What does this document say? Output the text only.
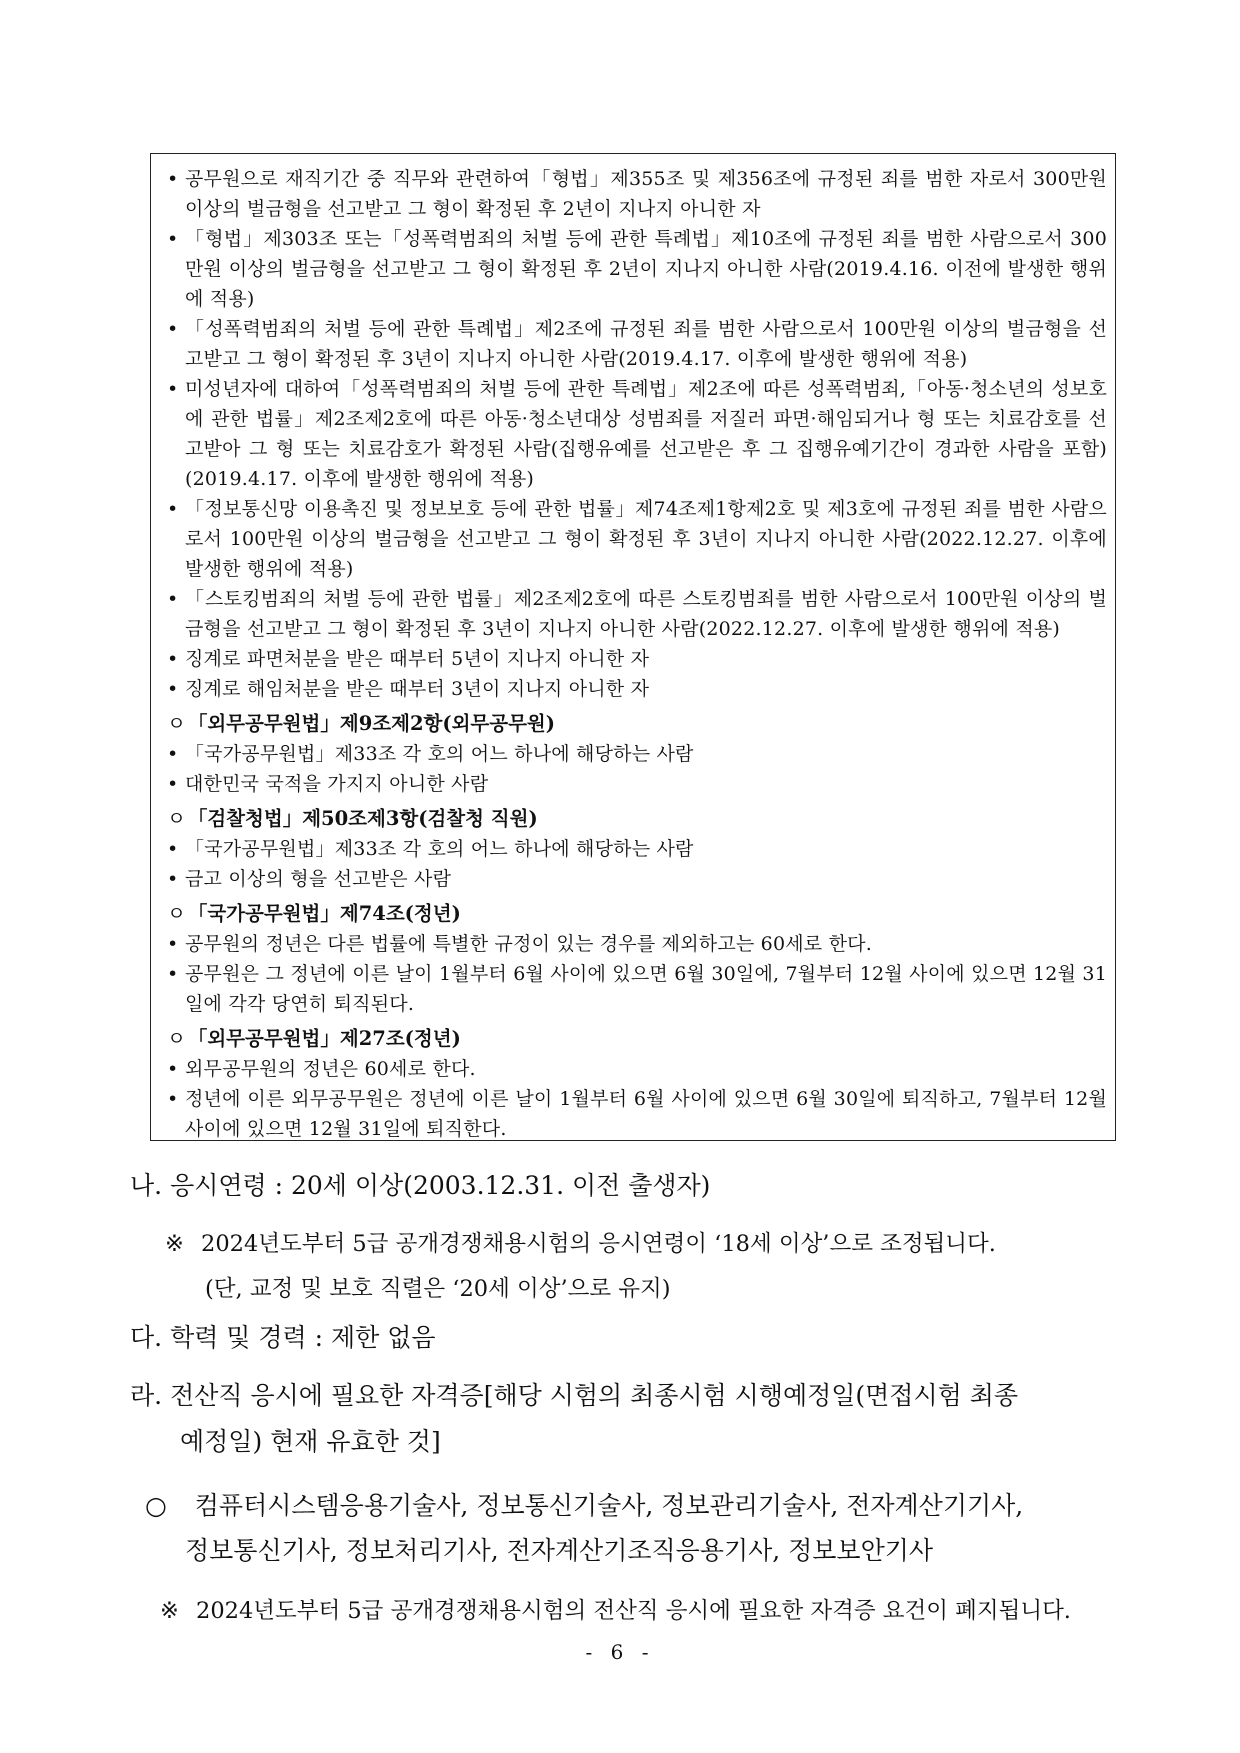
• 공무원으로 재직기간 중 직무와 관련하여「형법」제355조 및 제356조에 규정된 죄를 범한 자로서 300만원 이상의 벌금형을 선고받고 그 형이 확정된 후 2년이 지나지 아니한 자
• 「형법」제303조 또는「성폭력범죄의 처벌 등에 관한 특례법」제10조에 규정된 죄를 범한 사람으로서 300만원 이상의 벌금형을 선고받고 그 형이 확정된 후 2년이 지나지 아니한 사람(2019.4.16. 이전에 발생한 행위에 적용)
• 「성폭력범죄의 처벌 등에 관한 특례법」제2조에 규정된 죄를 범한 사람으로서 100만원 이상의 벌금형을 선고받고 그 형이 확정된 후 3년이 지나지 아니한 사람(2019.4.17. 이후에 발생한 행위에 적용)
• 미성년자에 대하여「성폭력범죄의 처벌 등에 관한 특례법」제2조에 따른 성폭력범죄,「아동·청소년의 성보호에 관한 법률」제2조제2호에 따른 아동·청소년대상 성범죄를 저질러 파면·해임되거나 형 또는 치료감호를 선고받아 그 형 또는 치료감호가 확정된 사람(집행유예를 선고받은 후 그 집행유예기간이 경과한 사람을 포함)(2019.4.17. 이후에 발생한 행위에 적용)
• 「정보통신망 이용촉진 및 정보보호 등에 관한 법률」제74조제1항제2호 및 제3호에 규정된 죄를 범한 사람으로서 100만원 이상의 벌금형을 선고받고 그 형이 확정된 후 3년이 지나지 아니한 사람(2022.12.27. 이후에 발생한 행위에 적용)
• 「스토킹범죄의 처벌 등에 관한 법률」제2조제2호에 따른 스토킹범죄를 범한 사람으로서 100만원 이상의 벌금형을 선고받고 그 형이 확정된 후 3년이 지나지 아니한 사람(2022.12.27. 이후에 발생한 행위에 적용)
• 징계로 파면처분을 받은 때부터 5년이 지나지 아니한 자
• 징계로 해임처분을 받은 때부터 3년이 지나지 아니한 자
ㅇ 「외무공무원법」제9조제2항(외무공무원)
• 「국가공무원법」제33조 각 호의 어느 하나에 해당하는 사람
• 대한민국 국적을 가지지 아니한 사람
ㅇ 「검찰청법」제50조제3항(검찰청 직원)
• 「국가공무원법」제33조 각 호의 어느 하나에 해당하는 사람
• 금고 이상의 형을 선고받은 사람
ㅇ 「국가공무원법」제74조(정년)
• 공무원의 정년은 다른 법률에 특별한 규정이 있는 경우를 제외하고는 60세로 한다.
• 공무원은 그 정년에 이른 날이 1월부터 6월 사이에 있으면 6월 30일에, 7월부터 12월 사이에 있으면 12월 31일에 각각 당연히 퇴직된다.
ㅇ 「외무공무원법」제27조(정년)
• 외무공무원의 정년은 60세로 한다.
• 정년에 이른 외무공무원은 정년에 이른 날이 1월부터 6월 사이에 있으면 6월 30일에 퇴직하고, 7월부터 12월 사이에 있으면 12월 31일에 퇴직한다.
나. 응시연령 : 20세 이상(2003.12.31. 이전 출생자)
※ 2024년도부터 5급 공개경쟁채용시험의 응시연령이 ‘18세 이상’으로 조정됩니다.
(단, 교정 및 보호 직렬은 ‘20세 이상’으로 유지)
다. 학력 및 경력 : 제한 없음
라. 전산직 응시에 필요한 자격증[해당 시험의 최종시험 시행예정일(면접시험 최종
예정일) 현재 유효한 것]
○ 컴퓨터시스템응용기술사, 정보통신기술사, 정보관리기술사, 전자계산기기사,
정보통신기사, 정보처리기사, 전자계산기조직응용기사, 정보보안기사
※ 2024년도부터 5급 공개경쟁채용시험의 전산직 응시에 필요한 자격증 요건이 폐지됩니다.
- 6 -
